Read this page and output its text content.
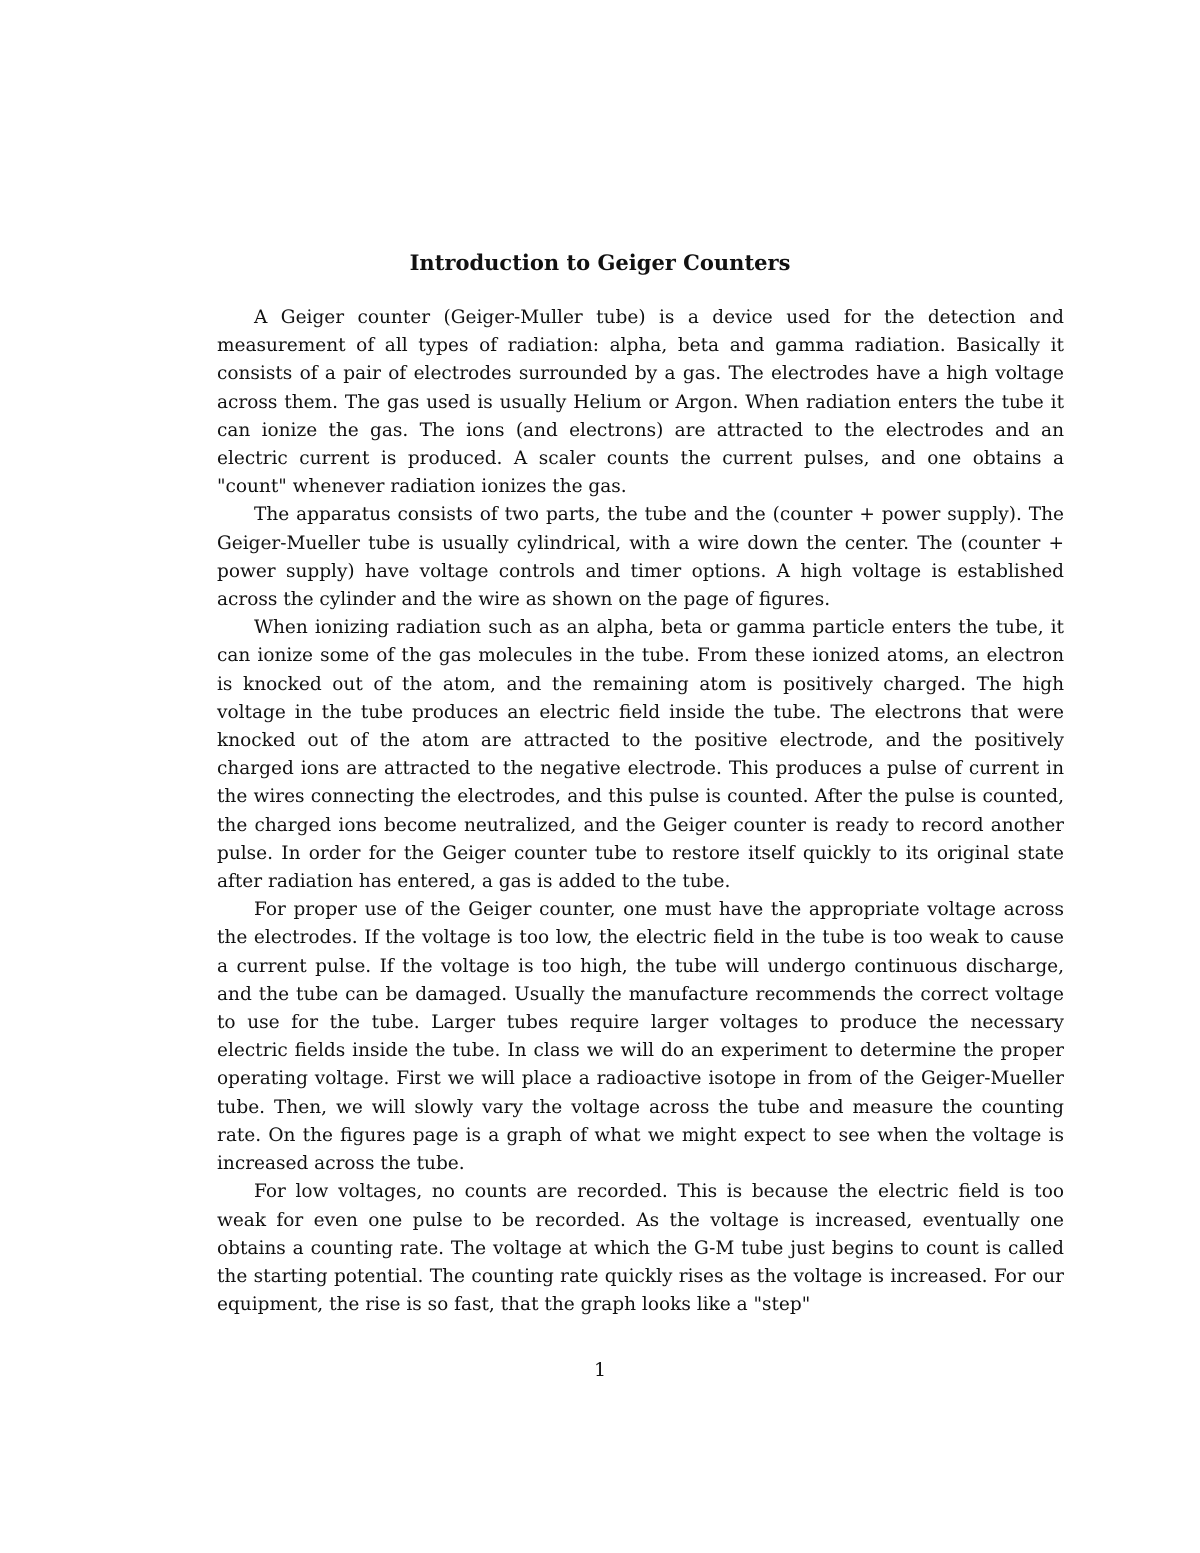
Introduction to Geiger Counters

A Geiger counter (Geiger-Muller tube) is a device used for the detection and measurement of all types of radiation: alpha, beta and gamma radiation. Basically it consists of a pair of electrodes surrounded by a gas. The electrodes have a high voltage across them. The gas used is usually Helium or Argon. When radiation enters the tube it can ionize the gas. The ions (and electrons) are attracted to the electrodes and an electric current is produced. A scaler counts the current pulses, and one obtains a "count" whenever radiation ionizes the gas.

The apparatus consists of two parts, the tube and the (counter + power supply). The Geiger-Mueller tube is usually cylindrical, with a wire down the center. The (counter + power supply) have voltage controls and timer options. A high voltage is established across the cylinder and the wire as shown on the page of figures.

When ionizing radiation such as an alpha, beta or gamma particle enters the tube, it can ionize some of the gas molecules in the tube. From these ionized atoms, an electron is knocked out of the atom, and the remaining atom is positively charged. The high voltage in the tube produces an electric field inside the tube. The electrons that were knocked out of the atom are attracted to the positive electrode, and the positively charged ions are attracted to the negative electrode. This produces a pulse of current in the wires connecting the electrodes, and this pulse is counted. After the pulse is counted, the charged ions become neutralized, and the Geiger counter is ready to record another pulse. In order for the Geiger counter tube to restore itself quickly to its original state after radiation has entered, a gas is added to the tube.

For proper use of the Geiger counter, one must have the appropriate voltage across the electrodes. If the voltage is too low, the electric field in the tube is too weak to cause a current pulse. If the voltage is too high, the tube will undergo continuous discharge, and the tube can be damaged. Usually the manufacture recommends the correct voltage to use for the tube. Larger tubes require larger voltages to produce the necessary electric fields inside the tube. In class we will do an experiment to determine the proper operating voltage. First we will place a radioactive isotope in from of the Geiger-Mueller tube. Then, we will slowly vary the voltage across the tube and measure the counting rate. On the figures page is a graph of what we might expect to see when the voltage is increased across the tube.

For low voltages, no counts are recorded. This is because the electric field is too weak for even one pulse to be recorded. As the voltage is increased, eventually one obtains a counting rate. The voltage at which the G-M tube just begins to count is called the starting potential. The counting rate quickly rises as the voltage is increased. For our equipment, the rise is so fast, that the graph looks like a "step"

1
